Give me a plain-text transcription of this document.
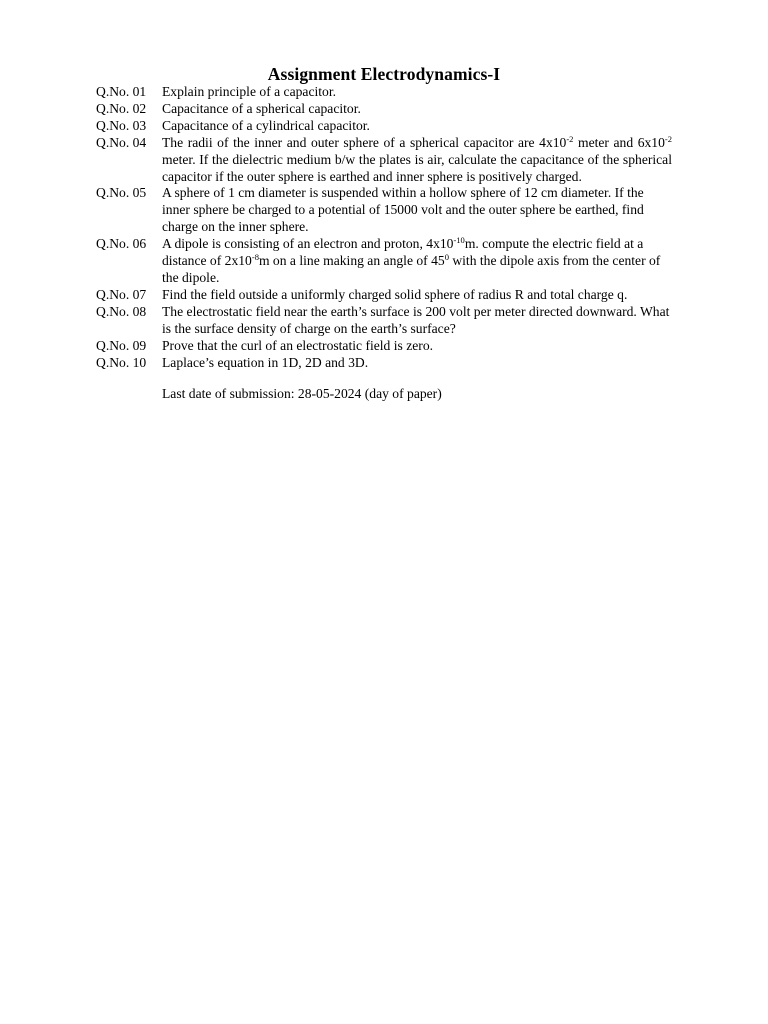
Assignment Electrodynamics-I
Q.No. 01	Explain principle of a capacitor.
Q.No. 02	Capacitance of a spherical capacitor.
Q.No. 03	Capacitance of a cylindrical capacitor.
Q.No. 04	The radii of the inner and outer sphere of a spherical capacitor are $4x10^{-2}$ meter and $6x10^{-2}$ meter. If the dielectric medium b/w the plates is air, calculate the capacitance of the spherical capacitor if the outer sphere is earthed and inner sphere is positively charged.
Q.No. 05	A sphere of 1 cm diameter is suspended within a hollow sphere of 12 cm diameter. If the inner sphere be charged to a potential of 15000 volt and the outer sphere be earthed, find charge on the inner sphere.
Q.No. 06	A dipole is consisting of an electron and proton, $4x10^{-10}m$. compute the electric field at a distance of $2x10^{-8}m$ on a line making an angle of $45^0$ with the dipole axis from the center of the dipole.
Q.No. 07	Find the field outside a uniformly charged solid sphere of radius R and total charge q.
Q.No. 08	The electrostatic field near the earth’s surface is 200 volt per meter directed downward. What is the surface density of charge on the earth’s surface?
Q.No. 09	Prove that the curl of an electrostatic field is zero.
Q.No. 10	Laplace’s equation in 1D, 2D and 3D.
Last date of submission: 28-05-2024 (day of paper)
